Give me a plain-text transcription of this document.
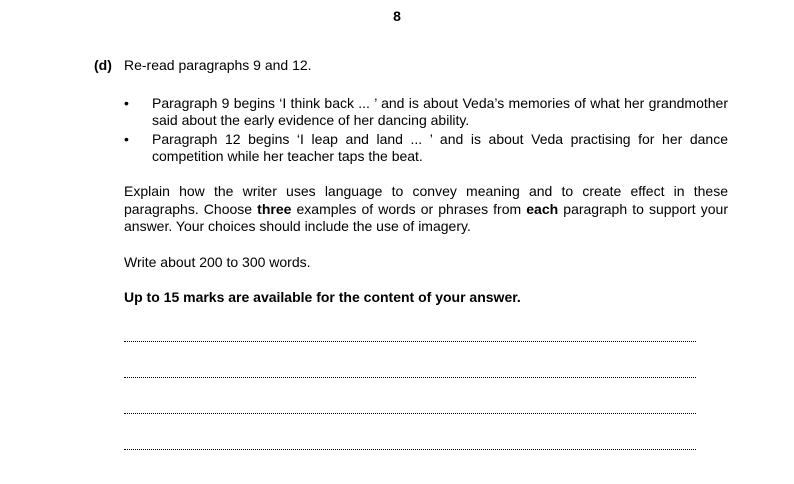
8
(d) Re-read paragraphs 9 and 12.
•	Paragraph 9 begins ‘I think back ... ’ and is about Veda’s memories of what her grandmother said about the early evidence of her dancing ability.
•	Paragraph 12 begins ‘I leap and land ... ’ and is about Veda practising for her dance competition while her teacher taps the beat.
Explain how the writer uses language to convey meaning and to create effect in these paragraphs. Choose three examples of words or phrases from each paragraph to support your answer. Your choices should include the use of imagery.
Write about 200 to 300 words.
Up to 15 marks are available for the content of your answer.
